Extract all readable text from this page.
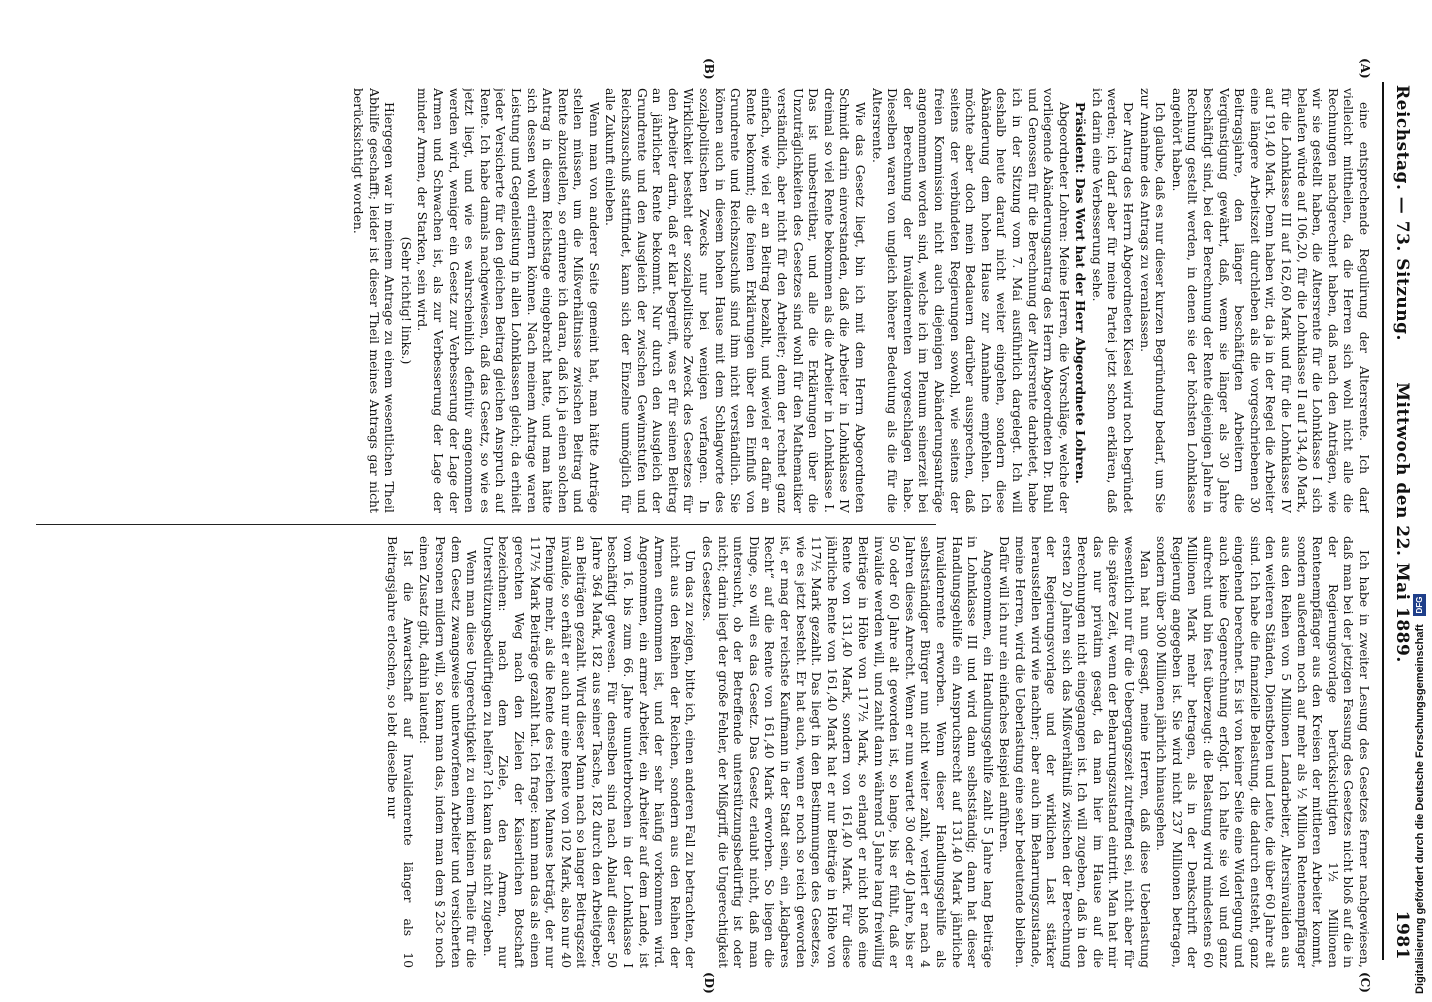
Reichstag. — 73. Sitzung.
Mittwoch den 22. Mai 1889.
1981
(A)
(B)
(C)
(D)

eine entsprechende Regulirung der Altersrente. Ich darf vielleicht mittheilen, da die Herren sich wohl nicht alle die Rechnungen nachgerechnet haben, daß nach den Anträgen, wie wir sie gestellt haben, die Altersrente für die Lohnklasse I sich belaufen würde auf 106,20, für die Lohnklasse II auf 134,40 Mark, für die Lohnklasse III auf 162,60 Mark und für die Lohnklasse IV auf 191,40 Mark. Denn haben wir, da ja in der Regel die Arbeiter eine längere Arbeitszeit durchleben als die vorgeschriebenen 30 Beitragsjahre, den länger beschäftigten Arbeitern die Vergünstigung gewährt, daß, wenn sie länger als 30 Jahre beschäftigt sind, bei der Berechnung der Rente diejenigen Jahre in Rechnung gestellt werden, in denen sie der höchsten Lohnklasse angehört haben.

Ich glaube, daß es nur dieser kurzen Begründung bedarf, um Sie zur Annahme des Antrags zu veranlassen.

Der Antrag des Herrn Abgeordneten Kiesel wird noch begründet werden; ich darf aber für meine Partei jetzt schon erklären, daß ich darin eine Verbesserung sehe.

Präsident: Das Wort hat der Herr Abgeordnete Lohren.

Abgeordneter Lohren: Meine Herren, die Vorschläge, welche der vorliegende Abänderungsantrag des Herrn Abgeordneten Dr. Buhl und Genossen für die Berechnung der Altersrente darbietet, habe ich in der Sitzung vom 7. Mai ausführlich dargelegt. Ich will deshalb heute darauf nicht weiter eingehen, sondern diese Abänderung dem hohen Hause zur Annahme empfehlen. Ich möchte aber doch mein Bedauern darüber aussprechen, daß seitens der verbündeten Regierungen sowohl, wie seitens der freien Kommission nicht auch diejenigen Abänderungsanträge angenommen worden sind, welche ich im Plenum seinerzeit bei der Berechnung der Invalidenrenten vorgeschlagen habe. Dieselben waren von ungleich höherer Bedeutung als die für die Altersrente.

Wie das Gesetz liegt, bin ich mit dem Herrn Abgeordneten Schmidt darin einverstanden, daß die Arbeiter in Lohnklasse IV dreimal so viel Rente bekommen als die Arbeiter in Lohnklasse I. Das ist unbestreitbar, und alle die Erklärungen über die Unzuträglichkeiten des Gesetzes sind wohl für den Mathematiker verständlich, aber nicht für den Arbeiter; denn der rechnet ganz einfach, wie viel er an Beitrag bezahlt, und wieviel er dafür an Rente bekommt; die feinen Erklärungen über den Einfluß von Grundrente und Reichszuschuß sind ihm nicht verständlich. Sie können auch in diesem hohen Hause mit dem Schlagworte des sozialpolitischen Zwecks nur bei wenigen verfangen. In Wirklichkeit besteht der sozialpolitische Zweck des Gesetzes für den Arbeiter darin, daß er klar begreift, was er für seinen Beitrag an jährlicher Rente bekommt. Nur durch den Ausgleich der Grundrente und den Ausgleich der zwischen Gewinnstufen und Reichszuschuß stattfindet, kann sich der Einzelne unmöglich für alle Zukunft einleben.

Wenn man von anderer Seite gemeint hat, man hätte Anträge stellen müssen, um die Mißverhältnisse zwischen Beitrag und Rente abzustellen, so erinnere ich daran, daß ich ja einen solchen Antrag in diesem Reichstage eingebracht hatte, und man hätte sich dessen wohl erinnern können. Nach meinem Antrage waren Leistung und Gegenleistung in allen Lohnklassen gleich; da erhielt jeder Versicherte für den gleichen Beitrag gleichen Anspruch auf Rente. Ich habe damals nachgewiesen, daß das Gesetz, so wie es jetzt liegt, und wie es wahrscheinlich definitiv angenommen werden wird, weniger ein Gesetz zur Verbesserung der Lage der Armen und Schwachen ist, als zur Verbesserung der Lage der minder Armen, der Starken, sein wird.

(Sehr richtig! links.)

Hiergegen war in meinem Antrage zu einem wesentlichen Theil Abhilfe geschafft; leider ist dieser Theil meines Antrags gar nicht berücksichtigt worden.

Ich habe in zweiter Lesung des Gesetzes ferner nachgewiesen, daß man bei der jetzigen Fassung des Gesetzes nicht bloß auf die in der Regierungsvorlage berücksichtigten 1½ Millionen Rentenempfänger aus den Kreisen der mittleren Arbeiter kommt, sondern außerdem noch auf mehr als ½ Million Rentenempfänger aus den Reihen von 5 Millionen Landarbeiter, Altersinvaliden aus den weiteren Ständen, Dienstboten und Leute, die über 60 Jahre alt sind. Ich habe die finanzielle Belastung, die dadurch entsteht, ganz eingehend berechnet. Es ist von keiner Seite eine Widerlegung und auch keine Gegenrechnung erfolgt. Ich halte sie voll und ganz aufrecht und bin fest überzeugt: die Belastung wird mindestens 60 Millionen Mark mehr betragen, als in der Denkschrift der Regierung angegeben ist. Sie wird nicht 237 Millionen betragen, sondern über 300 Millionen jährlich hinausgehen.

Man hat nun gesagt, meine Herren, daß diese Ueberlastung wesentlich nur für die Uebergangszeit zutreffend sei, nicht aber für die spätere Zeit, wenn der Beharrungszustand eintritt. Man hat mir das nur privatim gesagt, da man hier im Hause auf die Berechnungen nicht eingegangen ist. Ich will zugeben, daß in den ersten 20 Jahren sich das Mißverhältniß zwischen der Berechnung der Regierungsvorlage und der wirklichen Last stärker herausstellen wird wie nachher; aber auch im Beharrungszustande, meine Herren, wird die Ueberlastung eine sehr bedeutende bleiben. Dafür will ich nur ein einfaches Beispiel anführen.

Angenommen, ein Handlungsgehilfe zahlt 5 Jahre lang Beiträge in Lohnklasse III und wird dann selbstständig; dann hat dieser Handlungsgehilfe ein Anspruchsrecht auf 131,40 Mark jährliche Invalidenrente erworben. Wenn dieser Handlungsgehilfe als selbstständiger Bürger nun nicht weiter zahlt, verliert er nach 4 Jahren dieses Anrecht. Wenn er nun wartet 30 oder 40 Jahre, bis er 50 oder 60 Jahre alt geworden ist, so lange, bis er fühlt, daß er invalide werden will, und zahlt dann während 5 Jahre lang freiwillig Beiträge in Höhe von 117½ Mark, so erlangt er nicht bloß eine Rente von 131,40 Mark, sondern von 161,40 Mark. Für diese jährliche Rente von 161,40 Mark hat er nur Beiträge in Höhe von 117½ Mark gezahlt. Das liegt in den Bestimmungen des Gesetzes, wie es jetzt besteht. Er hat auch, wenn er noch so reich geworden ist, er mag der reichste Kaufmann in der Stadt sein, ein „klagbares Recht“ auf die Rente von 161,40 Mark erworben. So liegen die Dinge, so will es das Gesetz. Das Gesetz erlaubt nicht, daß man untersucht, ob der Betreffende unterstützungsbedürftig ist oder nicht; darin liegt der große Fehler, der Mißgriff, die Ungerechtigkeit des Gesetzes.

Um das zu zeigen, bitte ich, einen anderen Fall zu betrachten, der nicht aus den Reihen der Reichen, sondern aus den Reihen der Armen entnommen ist, und der sehr häufig vorkommen wird. Angenommen, ein armer Arbeiter, ein Arbeiter auf dem Lande, ist vom 16. bis zum 66. Jahre ununterbrochen in der Lohnklasse I beschäftigt gewesen. Für denselben sind nach Ablauf dieser 50 Jahre 364 Mark, 182 aus seiner Tasche, 182 durch den Arbeitgeber, an Beiträgen gezahlt. Wird dieser Mann nach so langer Beitragszeit invalide, so erhält er auch nur eine Rente von 102 Mark, also nur 40 Pfennige mehr, als die Rente des reichen Mannes beträgt, der nur 117½ Mark Beiträge gezahlt hat. Ich frage: kann man das als einen gerechten Weg nach den Zielen der Kaiserlichen Botschaft bezeichnen: nach dem Ziele, den Armen, nur Unterstützungsbedürftigen zu helfen? Ich kann das nicht zugeben.

Wenn man diese Ungerechtigkeit zu einem kleinen Theile für die dem Gesetz zwangsweise unterworfenen Arbeiter und versicherten Personen mildern will, so kann man das, indem man dem § 23c noch einen Zusatz gibt, dahin lautend:

Ist die Anwartschaft auf Invalidenrente länger als 10 Beitragsjahre erloschen, so lebt dieselbe nur	Digitalisierung gefördert durch die Deutsche Forschungsgemeinschaft
DFG
